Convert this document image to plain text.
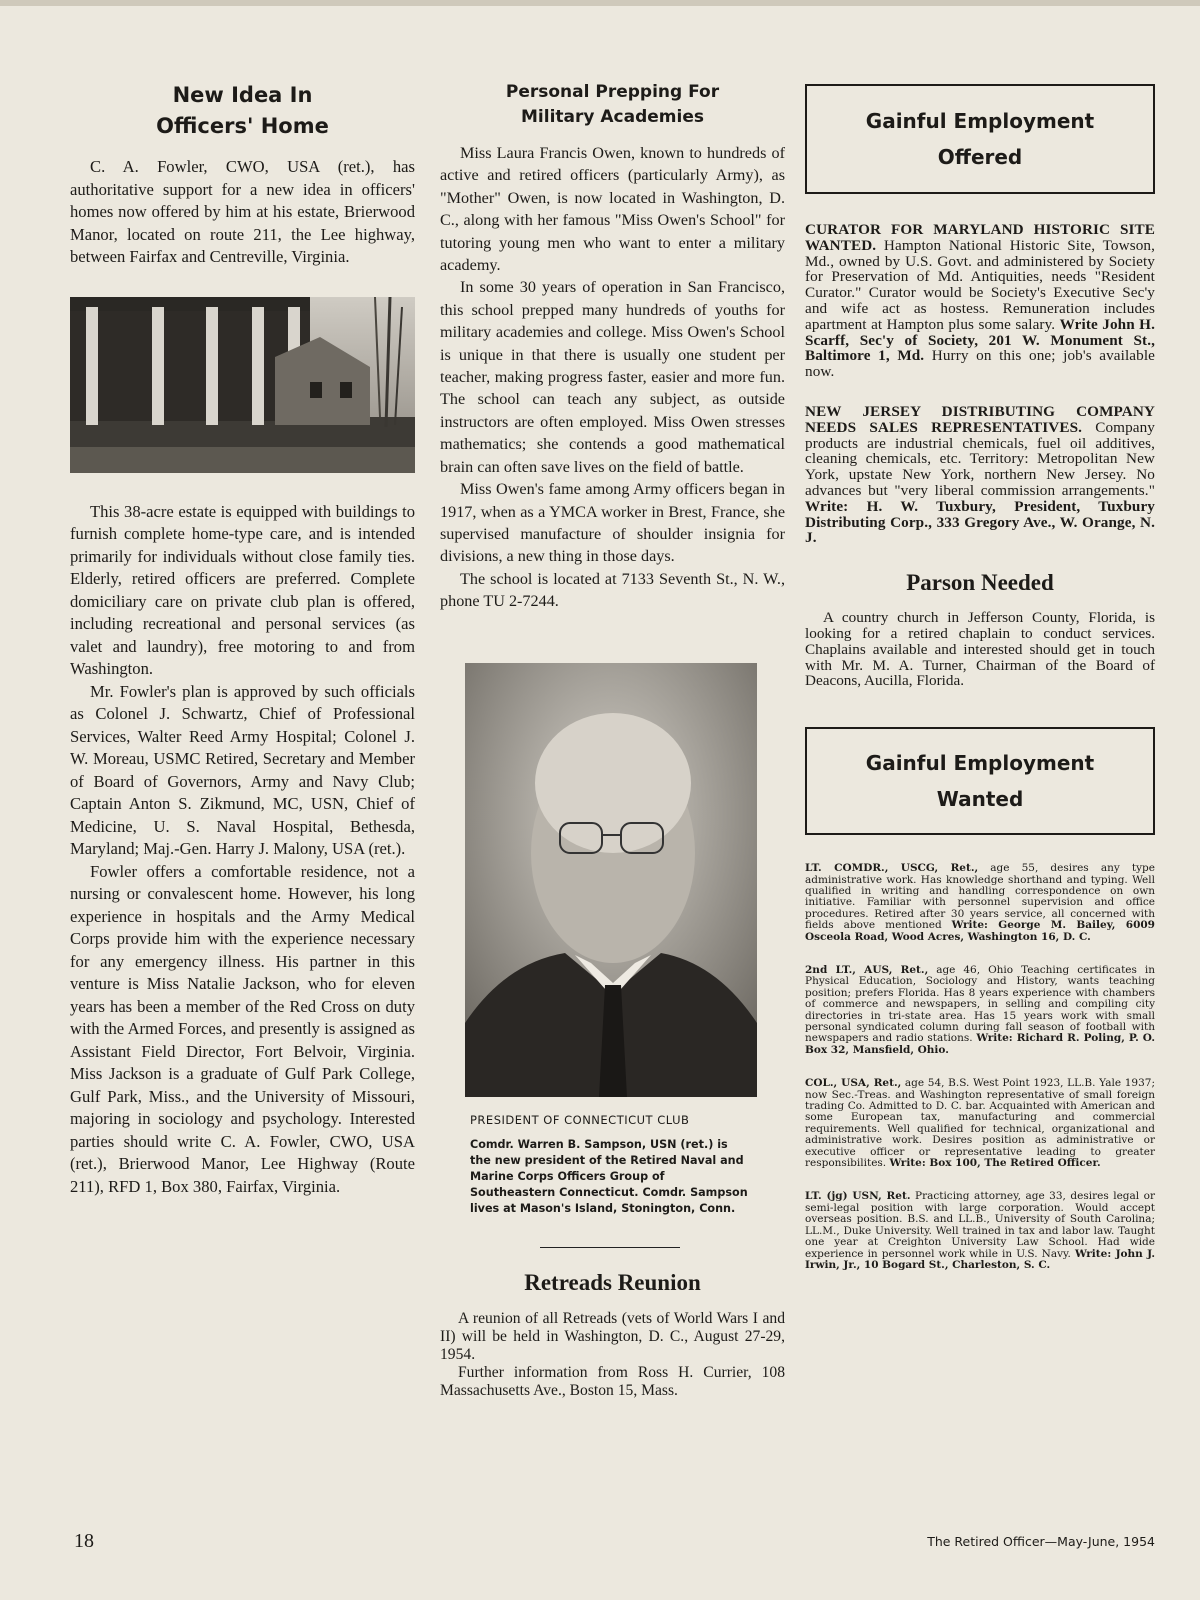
New Idea In
Officers' Home

C. A. Fowler, CWO, USA (ret.), has authoritative support for a new idea in officers' homes now offered by him at his estate, Brierwood Manor, located on route 211, the Lee highway, between Fairfax and Centreville, Virginia.

This 38-acre estate is equipped with buildings to furnish complete home-type care, and is intended primarily for individuals without close family ties. Elderly, retired officers are preferred. Complete domiciliary care on private club plan is offered, including recreational and personal services (as valet and laundry), free motoring to and from Washington.

Mr. Fowler's plan is approved by such officials as Colonel J. Schwartz, Chief of Professional Services, Walter Reed Army Hospital; Colonel J. W. Moreau, USMC Retired, Secretary and Member of Board of Governors, Army and Navy Club; Captain Anton S. Zikmund, MC, USN, Chief of Medicine, U. S. Naval Hospital, Bethesda, Maryland; Maj.-Gen. Harry J. Malony, USA (ret.).

Fowler offers a comfortable residence, not a nursing or convalescent home. However, his long experience in hospitals and the Army Medical Corps provide him with the experience necessary for any emergency illness. His partner in this venture is Miss Natalie Jackson, who for eleven years has been a member of the Red Cross on duty with the Armed Forces, and presently is assigned as Assistant Field Director, Fort Belvoir, Virginia. Miss Jackson is a graduate of Gulf Park College, Gulf Park, Miss., and the University of Missouri, majoring in sociology and psychology. Interested parties should write C. A. Fowler, CWO, USA (ret.), Brierwood Manor, Lee Highway (Route 211), RFD 1, Box 380, Fairfax, Virginia.

Personal Prepping For
Military Academies

Miss Laura Francis Owen, known to hundreds of active and retired officers (particularly Army), as "Mother" Owen, is now located in Washington, D. C., along with her famous "Miss Owen's School" for tutoring young men who want to enter a military academy.

In some 30 years of operation in San Francisco, this school prepped many hundreds of youths for military academies and college. Miss Owen's School is unique in that there is usually one student per teacher, making progress faster, easier and more fun. The school can teach any subject, as outside instructors are often employed. Miss Owen stresses mathematics; she contends a good mathematical brain can often save lives on the field of battle.

Miss Owen's fame among Army officers began in 1917, when as a YMCA worker in Brest, France, she supervised manufacture of shoulder insignia for divisions, a new thing in those days.

The school is located at 7133 Seventh St., N. W., phone TU 2-7244.

PRESIDENT OF CONNECTICUT CLUB

Comdr. Warren B. Sampson, USN (ret.) is the new president of the Retired Naval and Marine Corps Officers Group of Southeastern Connecticut. Comdr. Sampson lives at Mason's Island, Stonington, Conn.

Retreads Reunion

A reunion of all Retreads (vets of World Wars I and II) will be held in Washington, D. C., August 27-29, 1954.

Further information from Ross H. Currier, 108 Massachusetts Ave., Boston 15, Mass.

Gainful Employment
Offered

CURATOR FOR MARYLAND HISTORIC SITE WANTED. Hampton National Historic Site, Towson, Md., owned by U.S. Govt. and administered by Society for Preservation of Md. Antiquities, needs "Resident Curator." Curator would be Society's Executive Sec'y and wife act as hostess. Remuneration includes apartment at Hampton plus some salary. Write John H. Scarff, Sec'y of Society, 201 W. Monument St., Baltimore 1, Md. Hurry on this one; job's available now.

NEW JERSEY DISTRIBUTING COMPANY NEEDS SALES REPRESENTATIVES. Company products are industrial chemicals, fuel oil additives, cleaning chemicals, etc. Territory: Metropolitan New York, upstate New York, northern New Jersey. No advances but "very liberal commission arrangements." Write: H. W. Tuxbury, President, Tuxbury Distributing Corp., 333 Gregory Ave., W. Orange, N. J.

Parson Needed

A country church in Jefferson County, Florida, is looking for a retired chaplain to conduct services. Chaplains available and interested should get in touch with Mr. M. A. Turner, Chairman of the Board of Deacons, Aucilla, Florida.

Gainful Employment
Wanted

LT. COMDR., USCG, Ret., age 55, desires any type administrative work. Has knowledge shorthand and typing. Well qualified in writing and handling correspondence on own initiative. Familiar with personnel supervision and office procedures. Retired after 30 years service, all concerned with fields above mentioned Write: George M. Bailey, 6009 Osceola Road, Wood Acres, Washington 16, D. C.

2nd LT., AUS, Ret., age 46, Ohio Teaching certificates in Physical Education, Sociology and History, wants teaching position; prefers Florida. Has 8 years experience with chambers of commerce and newspapers, in selling and compiling city directories in tri-state area. Has 15 years work with small personal syndicated column during fall season of football with newspapers and radio stations. Write: Richard R. Poling, P. O. Box 32, Mansfield, Ohio.

COL., USA, Ret., age 54, B.S. West Point 1923, LL.B. Yale 1937; now Sec.-Treas. and Washington representative of small foreign trading Co. Admitted to D. C. bar. Acquainted with American and some European tax, manufacturing and commercial requirements. Well qualified for technical, organizational and administrative work. Desires position as administrative or executive officer or representative leading to greater responsibilites. Write: Box 100, The Retired Officer.

LT. (jg) USN, Ret. Practicing attorney, age 33, desires legal or semi-legal position with large corporation. Would accept overseas position. B.S. and LL.B., University of South Carolina; LL.M., Duke University. Well trained in tax and labor law. Taught one year at Creighton University Law School. Had wide experience in personnel work while in U.S. Navy. Write: John J. Irwin, Jr., 10 Bogard St., Charleston, S. C.

18	The Retired Officer—May-June, 1954
